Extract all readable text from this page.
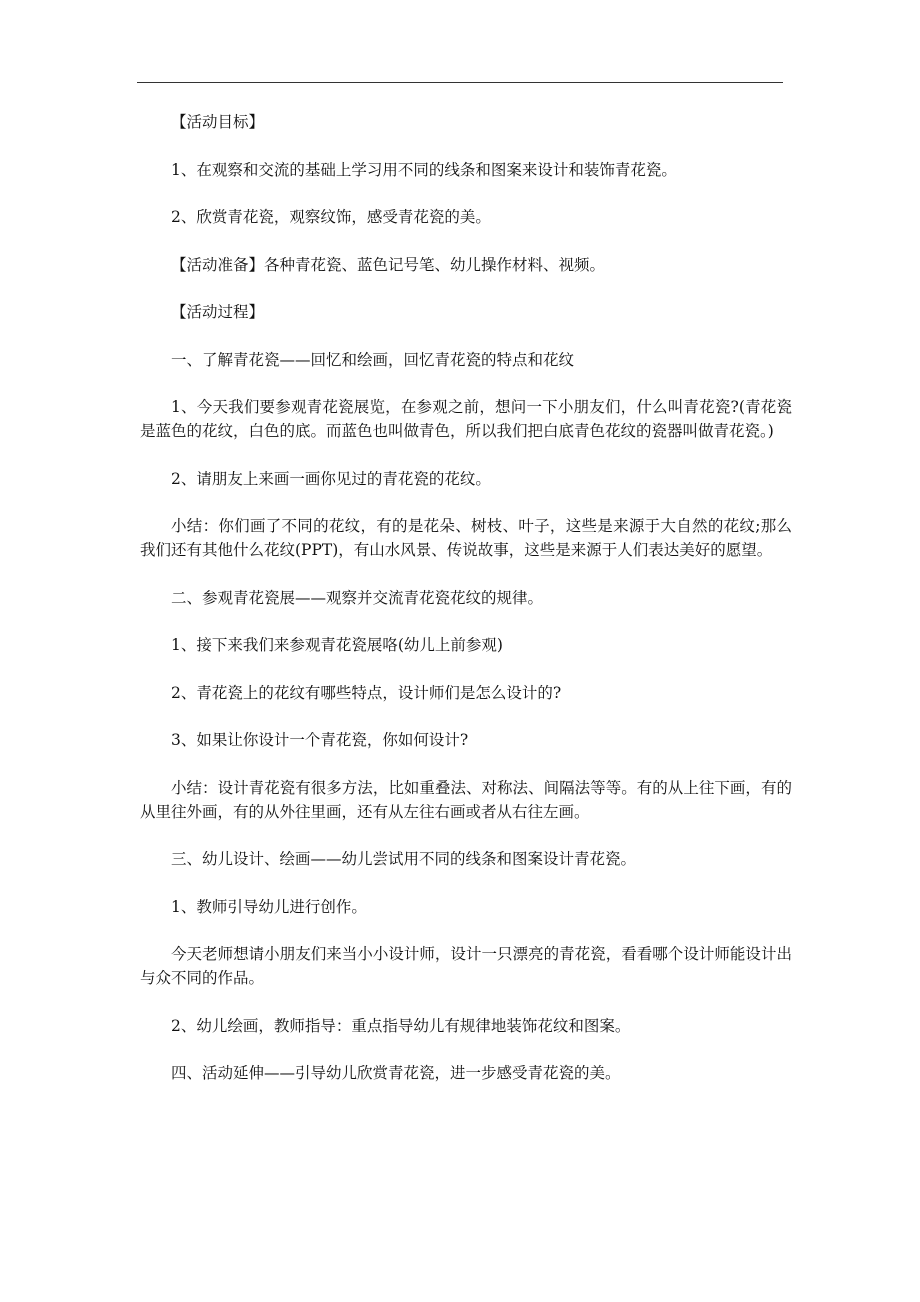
【活动目标】

1、在观察和交流的基础上学习用不同的线条和图案来设计和装饰青花瓷。

2、欣赏青花瓷，观察纹饰，感受青花瓷的美。

【活动准备】各种青花瓷、蓝色记号笔、幼儿操作材料、视频。

【活动过程】

一、了解青花瓷——回忆和绘画，回忆青花瓷的特点和花纹

1、今天我们要参观青花瓷展览，在参观之前，想问一下小朋友们，什么叫青花瓷?(青花瓷是蓝色的花纹，白色的底。而蓝色也叫做青色，所以我们把白底青色花纹的瓷器叫做青花瓷。)

2、请朋友上来画一画你见过的青花瓷的花纹。

小结：你们画了不同的花纹，有的是花朵、树枝、叶子，这些是来源于大自然的花纹;那么我们还有其他什么花纹(PPT)，有山水风景、传说故事，这些是来源于人们表达美好的愿望。

二、参观青花瓷展——观察并交流青花瓷花纹的规律。

1、接下来我们来参观青花瓷展咯(幼儿上前参观)

2、青花瓷上的花纹有哪些特点，设计师们是怎么设计的?

3、如果让你设计一个青花瓷，你如何设计?

小结：设计青花瓷有很多方法，比如重叠法、对称法、间隔法等等。有的从上往下画，有的从里往外画，有的从外往里画，还有从左往右画或者从右往左画。

三、幼儿设计、绘画——幼儿尝试用不同的线条和图案设计青花瓷。

1、教师引导幼儿进行创作。

今天老师想请小朋友们来当小小设计师，设计一只漂亮的青花瓷，看看哪个设计师能设计出与众不同的作品。

2、幼儿绘画，教师指导：重点指导幼儿有规律地装饰花纹和图案。

四、活动延伸——引导幼儿欣赏青花瓷，进一步感受青花瓷的美。
